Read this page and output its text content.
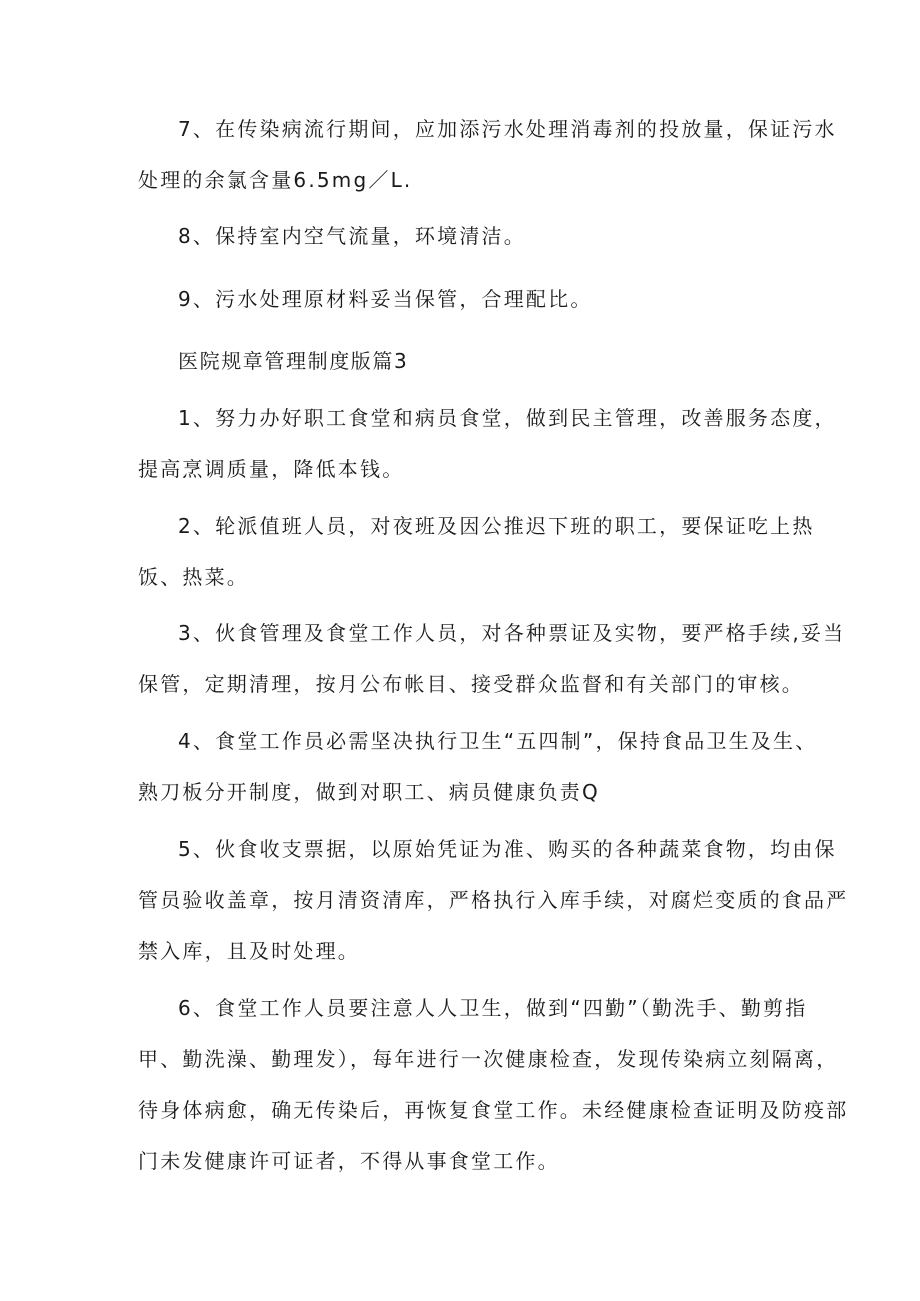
7、在传染病流行期间，应加添污水处理消毒剂的投放量，保证污水
处理的余氯含量6.5mg／L.

8、保持室内空气流量，环境清洁。

9、污水处理原材料妥当保管，合理配比。

医院规章管理制度版篇3

1、努力办好职工食堂和病员食堂，做到民主管理，改善服务态度，
提高烹调质量，降低本钱。

2、轮派值班人员，对夜班及因公推迟下班的职工，要保证吃上热
饭、热菜。

3、伙食管理及食堂工作人员，对各种票证及实物，要严格手续,妥当
保管，定期清理，按月公布帐目、接受群众监督和有关部门的审核。

4、食堂工作员必需坚决执行卫生“五四制”，保持食品卫生及生、
熟刀板分开制度，做到对职工、病员健康负责Q

5、伙食收支票据，以原始凭证为准、购买的各种蔬菜食物，均由保
管员验收盖章，按月清资清库，严格执行入库手续，对腐烂变质的食品严
禁入库，且及时处理。

6、食堂工作人员要注意人人卫生，做到“四勤”（勤洗手、勤剪指
甲、勤洗澡、勤理发），每年进行一次健康检查，发现传染病立刻隔离，
待身体病愈，确无传染后，再恢复食堂工作。未经健康检查证明及防疫部
门未发健康许可证者，不得从事食堂工作。
